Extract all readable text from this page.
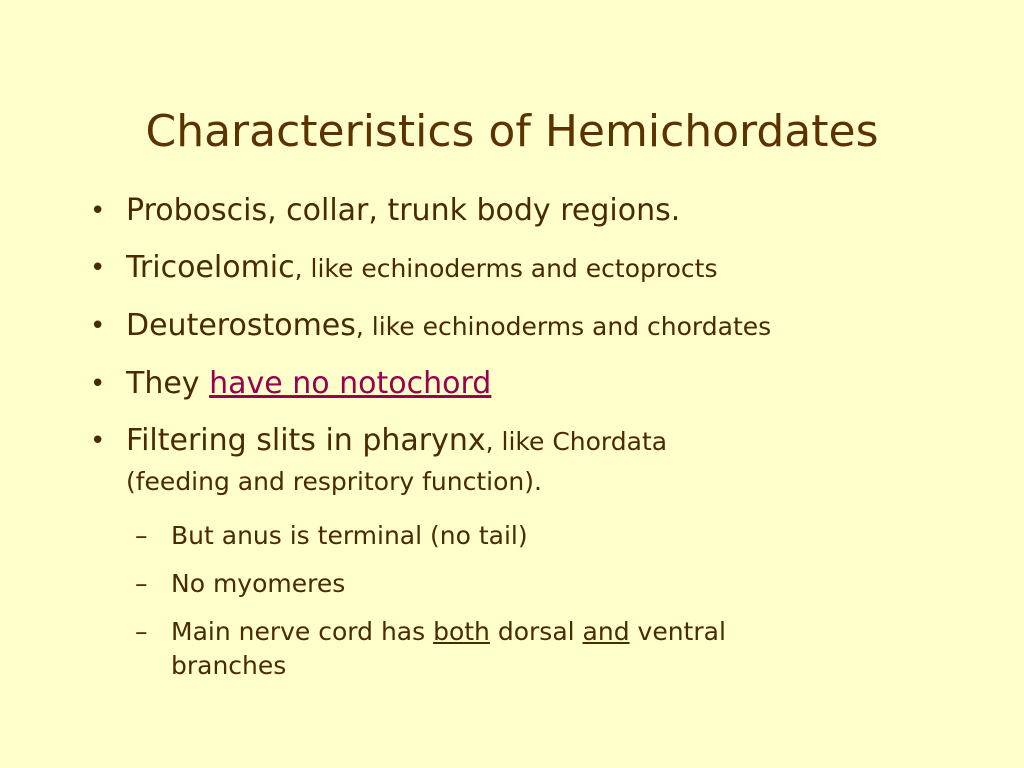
Characteristics of Hemichordates
• Proboscis, collar, trunk body regions.
• Tricoelomic, like echinoderms and ectoprocts
• Deuterostomes, like echinoderms and chordates
• They have no notochord
• Filtering slits in pharynx, like Chordata
(feeding and respritory function).
– But anus is terminal (no tail)
– No myomeres
– Main nerve cord has both dorsal and ventral
branches
